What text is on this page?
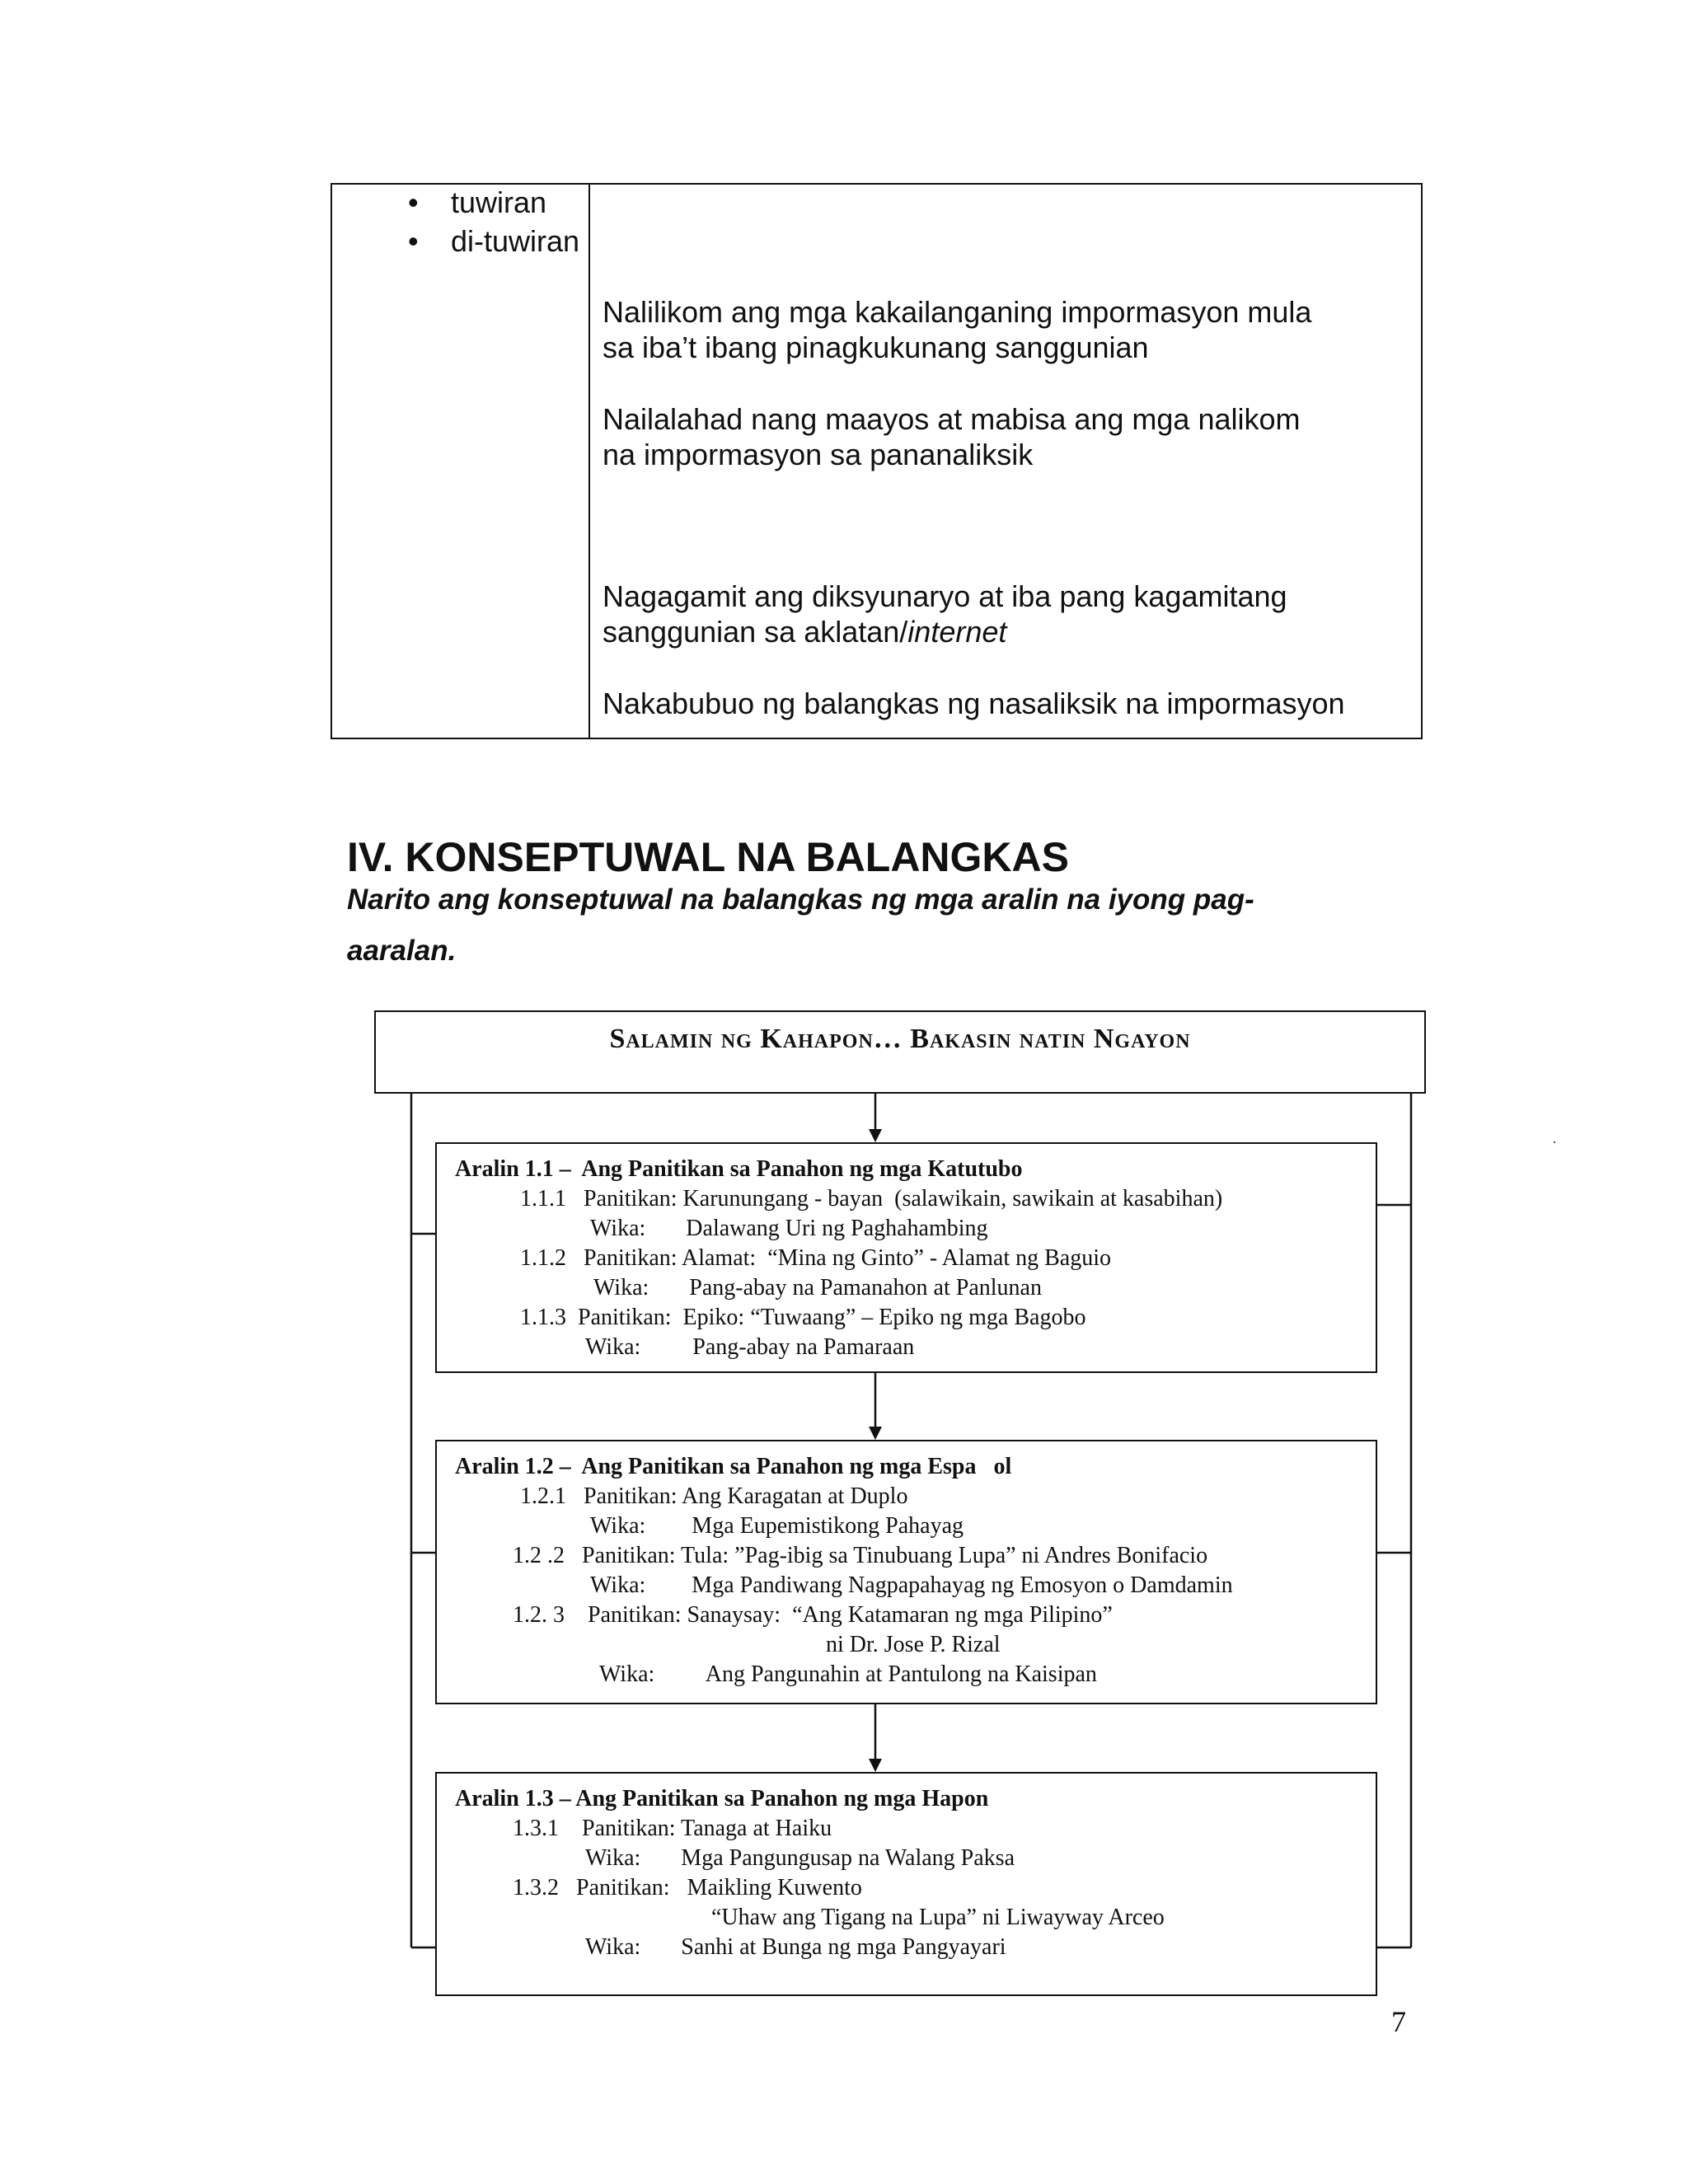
• tuwiran
• di-tuwiran
Nalilikom ang mga kakailanganing impormasyon mula
sa iba’t ibang pinagkukunang sanggunian
Nailalahad nang maayos at mabisa ang mga nalikom
na impormasyon sa pananaliksik
Nagagamit ang diksyunaryo at iba pang kagamitang
sanggunian sa aklatan/internet
Nakabubuo ng balangkas ng nasaliksik na impormasyon
IV. KONSEPTUWAL NA BALANGKAS
Narito ang konseptuwal na balangkas ng mga aralin na iyong pag-
aaralan.
Salamin ng Kahapon… Bakasin natin Ngayon
Aralin 1.1 –  Ang Panitikan sa Panahon ng mga Katutubo
1.1.1   Panitikan: Karunungang - bayan  (salawikain, sawikain at kasabihan)
Wika:       Dalawang Uri ng Paghahambing
1.1.2   Panitikan: Alamat:  “Mina ng Ginto” - Alamat ng Baguio
Wika:       Pang-abay na Pamanahon at Panlunan
1.1.3  Panitikan:  Epiko: “Tuwaang” – Epiko ng mga Bagobo
Wika:         Pang-abay na Pamaraan
Aralin 1.2 –  Ang Panitikan sa Panahon ng mga Espa   ol
1.2.1   Panitikan: Ang Karagatan at Duplo
Wika:        Mga Eupemistikong Pahayag
1.2 .2   Panitikan: Tula: ”Pag-ibig sa Tinubuang Lupa” ni Andres Bonifacio
Wika:        Mga Pandiwang Nagpapahayag ng Emosyon o Damdamin
1.2. 3    Panitikan: Sanaysay:  “Ang Katamaran ng mga Pilipino”
ni Dr. Jose P. Rizal
Wika:         Ang Pangunahin at Pantulong na Kaisipan
Aralin 1.3 – Ang Panitikan sa Panahon ng mga Hapon
1.3.1    Panitikan: Tanaga at Haiku
Wika:       Mga Pangungusap na Walang Paksa
1.3.2   Panitikan:   Maikling Kuwento
“Uhaw ang Tigang na Lupa” ni Liwayway Arceo
Wika:       Sanhi at Bunga ng mga Pangyayari
7
